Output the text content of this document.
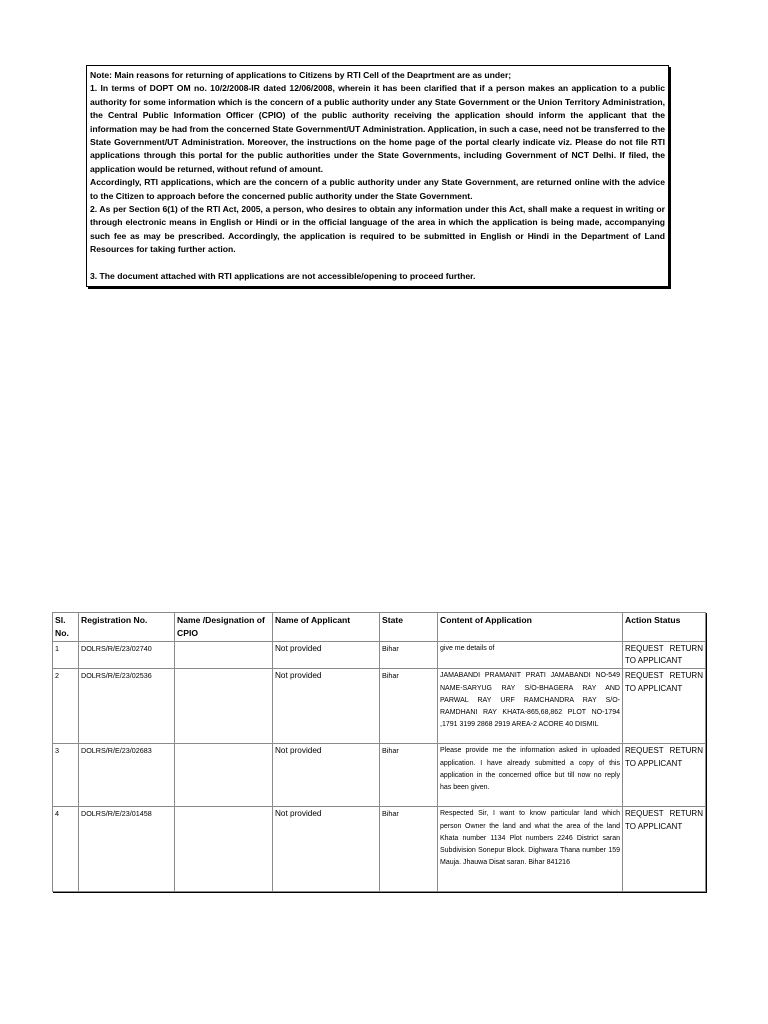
Note: Main reasons for returning of applications to Citizens by RTI Cell of the Deaprtment are as under;

1. In terms of DOPT OM no. 10/2/2008-IR dated 12/06/2008, wherein it has been clarified that if a person makes an application to a public authority for some information which is the concern of a public authority under any State Government or the Union Territory Administration, the Central Public Information Officer (CPIO) of the public authority receiving the application should inform the applicant that the information may be had from the concerned State Government/UT Administration. Application, in such a case, need not be transferred to the State Government/UT Administration. Moreover, the instructions on the home page of the portal clearly indicate viz. Please do not file RTI applications through this portal for the public authorities under the State Governments, including Government of NCT Delhi. If filed, the application would be returned, without refund of amount.

Accordingly, RTI applications, which are the concern of a public authority under any State Government, are returned online with the advice to the Citizen to approach before the concerned public authority under the State Government.

2. As per Section 6(1) of the RTI Act, 2005, a person, who desires to obtain any information under this Act, shall make a request in writing or through electronic means in English or Hindi or in the official language of the area in which the application is being made, accompanying such fee as may be prescribed. Accordingly, the application is required to be submitted in English or Hindi in the Department of Land Resources for taking further action.

3. The document attached with RTI applications are not accessible/opening to proceed further.

Sl. No.	Registration No.	Name /Designation of CPIO	Name of Applicant	State	Content of Application	Action Status
1	DOLRS/R/E/23/02740		Not provided	Bihar	give me details of	REQUEST RETURN TO APPLICANT
2	DOLRS/R/E/23/02536		Not provided	Bihar	JAMABANDI PRAMANIT PRATI JAMABANDI NO-549 NAME-SARYUG RAY S/O-BHAGERA RAY AND PARWAL RAY URF RAMCHANDRA RAY S/O- RAMDHANI RAY KHATA-865,68,862 PLOT NO-1794 ,1791 3199 2868 2919 AREA-2 ACORE 40 DISMIL	REQUEST RETURN TO APPLICANT
3	DOLRS/R/E/23/02683		Not provided	Bihar	Please provide me the information asked in uploaded application. I have already submitted a copy of this application in the concerned office but till now no reply has been given.	REQUEST RETURN TO APPLICANT
4	DOLRS/R/E/23/01458		Not provided	Bihar	Respected Sir, I want to know particular land which person Owner the land and what the area of the land Khata number 1134 Plot numbers 2246 District saran Subdivision Sonepur Block. Dighwara Thana number 159 Mauja. Jhauwa Disat saran. Bihar 841216	REQUEST RETURN TO APPLICANT
